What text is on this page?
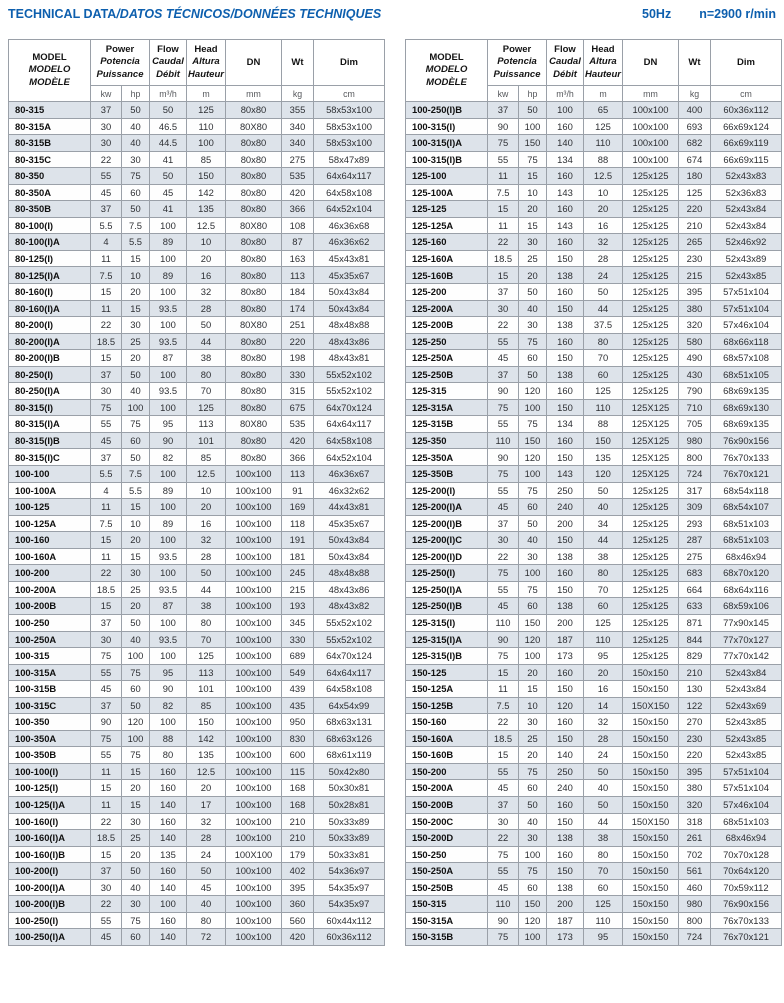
TECHNICAL DATA/DATOS TÉCNICOS/DONNÉES TECHNIQUES	50Hz n=2900 r/min
MODEL
MODELO
MODÈLE

Power
Potencia
Puissance

Flow
Caudal
Débit

Head
Altura
Hauteur
	DN	Wt	Dim
	kw	hp	m³/h	m	mm	kg	cm
80-315	37	50	50	125	80x80	355	58x53x100
80-315A	30	40	46.5	110	80X80	340	58x53x100
80-315B	30	40	44.5	100	80x80	340	58x53x100
80-315C	22	30	41	85	80x80	275	58x47x89
80-350	55	75	50	150	80x80	535	64x64x117
80-350A	45	60	45	142	80x80	420	64x58x108
80-350B	37	50	41	135	80x80	366	64x52x104
80-100(I)	5.5	7.5	100	12.5	80X80	108	46x36x68
80-100(I)A	4	5.5	89	10	80x80	87	46x36x62
80-125(I)	11	15	100	20	80x80	163	45x43x81
80-125(I)A	7.5	10	89	16	80x80	113	45x35x67
80-160(I)	15	20	100	32	80x80	184	50x43x84
80-160(I)A	11	15	93.5	28	80x80	174	50x43x84
80-200(I)	22	30	100	50	80X80	251	48x48x88
80-200(I)A	18.5	25	93.5	44	80x80	220	48x43x86
80-200(I)B	15	20	87	38	80x80	198	48x43x81
80-250(I)	37	50	100	80	80x80	330	55x52x102
80-250(I)A	30	40	93.5	70	80x80	315	55x52x102
80-315(I)	75	100	100	125	80x80	675	64x70x124
80-315(I)A	55	75	95	113	80X80	535	64x64x117
80-315(I)B	45	60	90	101	80x80	420	64x58x108
80-315(I)C	37	50	82	85	80x80	366	64x52x104
100-100	5.5	7.5	100	12.5	100x100	113	46x36x67
100-100A	4	5.5	89	10	100x100	91	46x32x62
100-125	11	15	100	20	100x100	169	44x43x81
100-125A	7.5	10	89	16	100x100	118	45x35x67
100-160	15	20	100	32	100x100	191	50x43x84
100-160A	11	15	93.5	28	100x100	181	50x43x84
100-200	22	30	100	50	100x100	245	48x48x88
100-200A	18.5	25	93.5	44	100x100	215	48x43x86
100-200B	15	20	87	38	100x100	193	48x43x82
100-250	37	50	100	80	100x100	345	55x52x102
100-250A	30	40	93.5	70	100x100	330	55x52x102
100-315	75	100	100	125	100x100	689	64x70x124
100-315A	55	75	95	113	100x100	549	64x64x117
100-315B	45	60	90	101	100x100	439	64x58x108
100-315C	37	50	82	85	100x100	435	64x54x99
100-350	90	120	100	150	100x100	950	68x63x131
100-350A	75	100	88	142	100x100	830	68x63x126
100-350B	55	75	80	135	100x100	600	68x61x119
100-100(I)	11	15	160	12.5	100x100	115	50x42x80
100-125(I)	15	20	160	20	100x100	168	50x30x81
100-125(I)A	11	15	140	17	100x100	168	50x28x81
100-160(I)	22	30	160	32	100x100	210	50x33x89
100-160(I)A	18.5	25	140	28	100x100	210	50x33x89
100-160(I)B	15	20	135	24	100X100	179	50x33x81
100-200(I)	37	50	160	50	100x100	402	54x36x97
100-200(I)A	30	40	140	45	100x100	395	54x35x97
100-200(I)B	22	30	100	40	100x100	360	54x35x97
100-250(I)	55	75	160	80	100x100	560	60x44x112
100-250(I)A	45	60	140	72	100x100	420	60x36x112
MODEL
MODELO
MODÈLE

Power
Potencia
Puissance

Flow
Caudal
Débit

Head
Altura
Hauteur
	DN	Wt	Dim
	kw	hp	m³/h	m	mm	kg	cm
100-250(I)B	37	50	100	65	100x100	400	60x36x112
100-315(I)	90	100	160	125	100x100	693	66x69x124
100-315(I)A	75	150	140	110	100x100	682	66x69x119
100-315(I)B	55	75	134	88	100x100	674	66x69x115
125-100	11	15	160	12.5	125x125	180	52x43x83
125-100A	7.5	10	143	10	125x125	125	52x36x83
125-125	15	20	160	20	125x125	220	52x43x84
125-125A	11	15	143	16	125x125	210	52x43x84
125-160	22	30	160	32	125x125	265	52x46x92
125-160A	18.5	25	150	28	125x125	230	52x43x89
125-160B	15	20	138	24	125x125	215	52x43x85
125-200	37	50	160	50	125x125	395	57x51x104
125-200A	30	40	150	44	125x125	380	57x51x104
125-200B	22	30	138	37.5	125x125	320	57x46x104
125-250	55	75	160	80	125x125	580	68x66x118
125-250A	45	60	150	70	125x125	490	68x57x108
125-250B	37	50	138	60	125x125	430	68x51x105
125-315	90	120	160	125	125x125	790	68x69x135
125-315A	75	100	150	110	125X125	710	68x69x130
125-315B	55	75	134	88	125X125	705	68x69x135
125-350	110	150	160	150	125X125	980	76x90x156
125-350A	90	120	150	135	125X125	800	76x70x133
125-350B	75	100	143	120	125X125	724	76x70x121
125-200(I)	55	75	250	50	125x125	317	68x54x118
125-200(I)A	45	60	240	40	125x125	309	68x54x107
125-200(I)B	37	50	200	34	125x125	293	68x51x103
125-200(I)C	30	40	150	44	125x125	287	68x51x103
125-200(I)D	22	30	138	38	125x125	275	68x46x94
125-250(I)	75	100	160	80	125x125	683	68x70x120
125-250(I)A	55	75	150	70	125x125	664	68x64x116
125-250(I)B	45	60	138	60	125x125	633	68x59x106
125-315(I)	110	150	200	125	125x125	871	77x90x145
125-315(I)A	90	120	187	110	125x125	844	77x70x127
125-315(I)B	75	100	173	95	125x125	829	77x70x142
150-125	15	20	160	20	150x150	210	52x43x84
150-125A	11	15	150	16	150x150	130	52x43x84
150-125B	7.5	10	120	14	150X150	122	52x43x69
150-160	22	30	160	32	150x150	270	52x43x85
150-160A	18.5	25	150	28	150x150	230	52x43x85
150-160B	15	20	140	24	150x150	220	52x43x85
150-200	55	75	250	50	150x150	395	57x51x104
150-200A	45	60	240	40	150x150	380	57x51x104
150-200B	37	50	160	50	150x150	320	57x46x104
150-200C	30	40	150	44	150X150	318	68x51x103
150-200D	22	30	138	38	150x150	261	68x46x94
150-250	75	100	160	80	150x150	702	70x70x128
150-250A	55	75	150	70	150x150	561	70x64x120
150-250B	45	60	138	60	150x150	460	70x59x112
150-315	110	150	200	125	150x150	980	76x90x156
150-315A	90	120	187	110	150x150	800	76x70x133
150-315B	75	100	173	95	150x150	724	76x70x121
